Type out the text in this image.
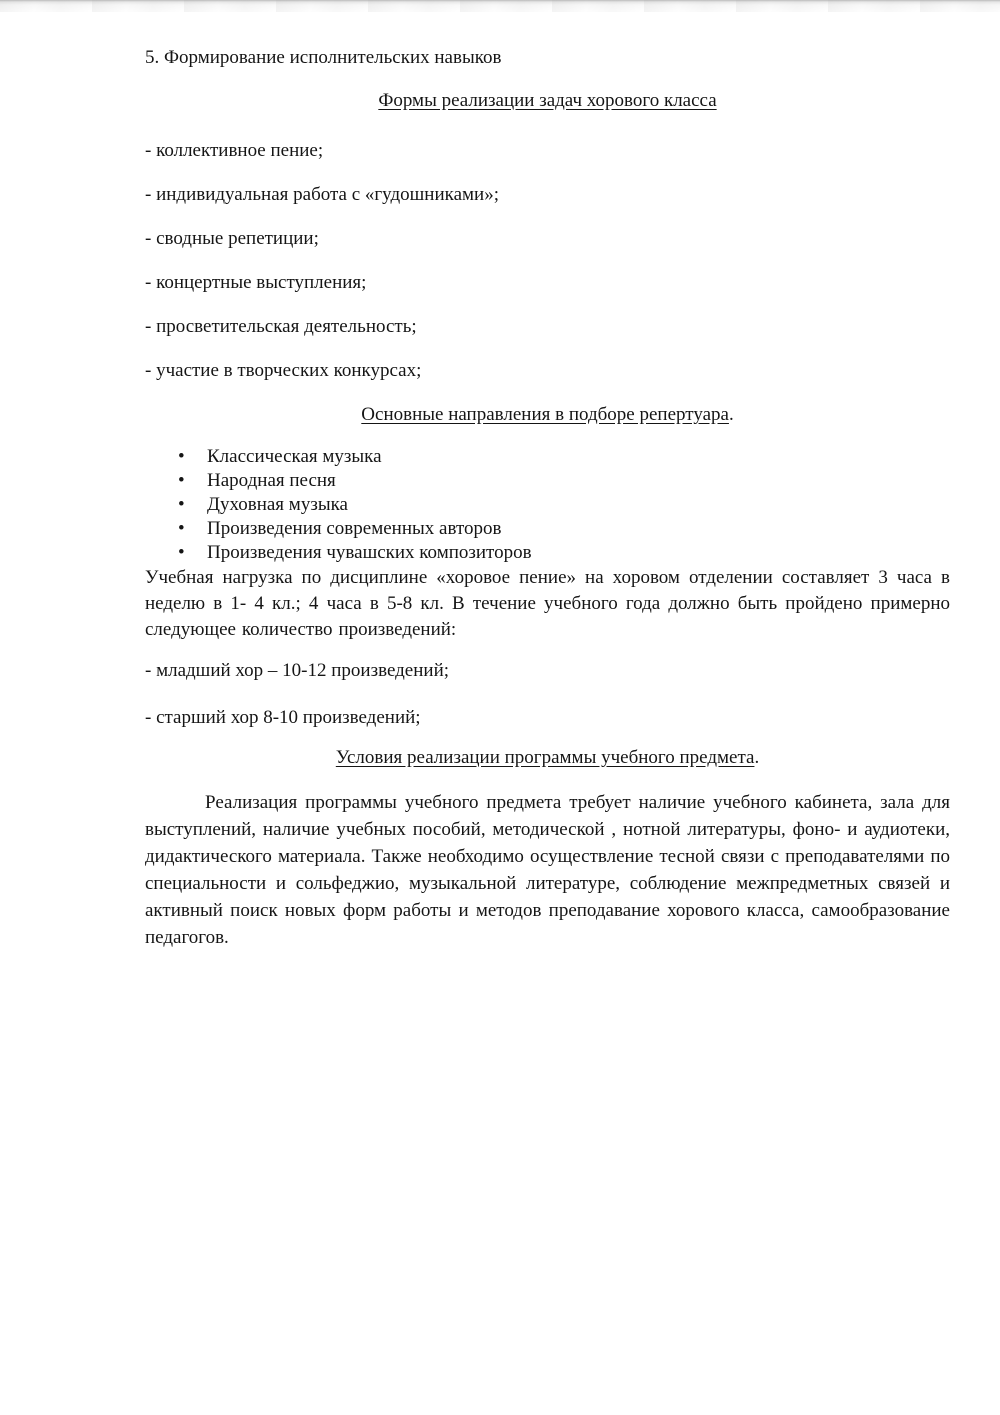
5. Формирование исполнительских навыков

Формы реализации задач хорового класса

- коллективное пение;

- индивидуальная работа с «гудошниками»;

- сводные репетиции;

- концертные выступления;

- просветительская деятельность;

- участие в творческих конкурсах;

Основные направления в подборе репертуара.

• Классическая музыка

• Народная песня

• Духовная музыка

• Произведения современных авторов

• Произведения чувашских композиторов

Учебная нагрузка по дисциплине «хоровое пение» на хоровом отделении составляет 3 часа в неделю в 1- 4 кл.; 4 часа в 5-8 кл. В течение учебного года должно быть пройдено примерно следующее количество произведений:

- младший хор – 10-12 произведений;

- старший хор 8-10 произведений;

Условия реализации программы учебного предмета.

Реализация программы учебного предмета требует наличие учебного кабинета, зала для выступлений, наличие учебных пособий, методической , нотной литературы, фоно- и аудиотеки, дидактического материала. Также необходимо осуществление тесной связи с преподавателями по специальности и сольфеджио, музыкальной литературе, соблюдение межпредметных связей и активный поиск новых форм работы и методов преподавание хорового класса, самообразование педагогов.
